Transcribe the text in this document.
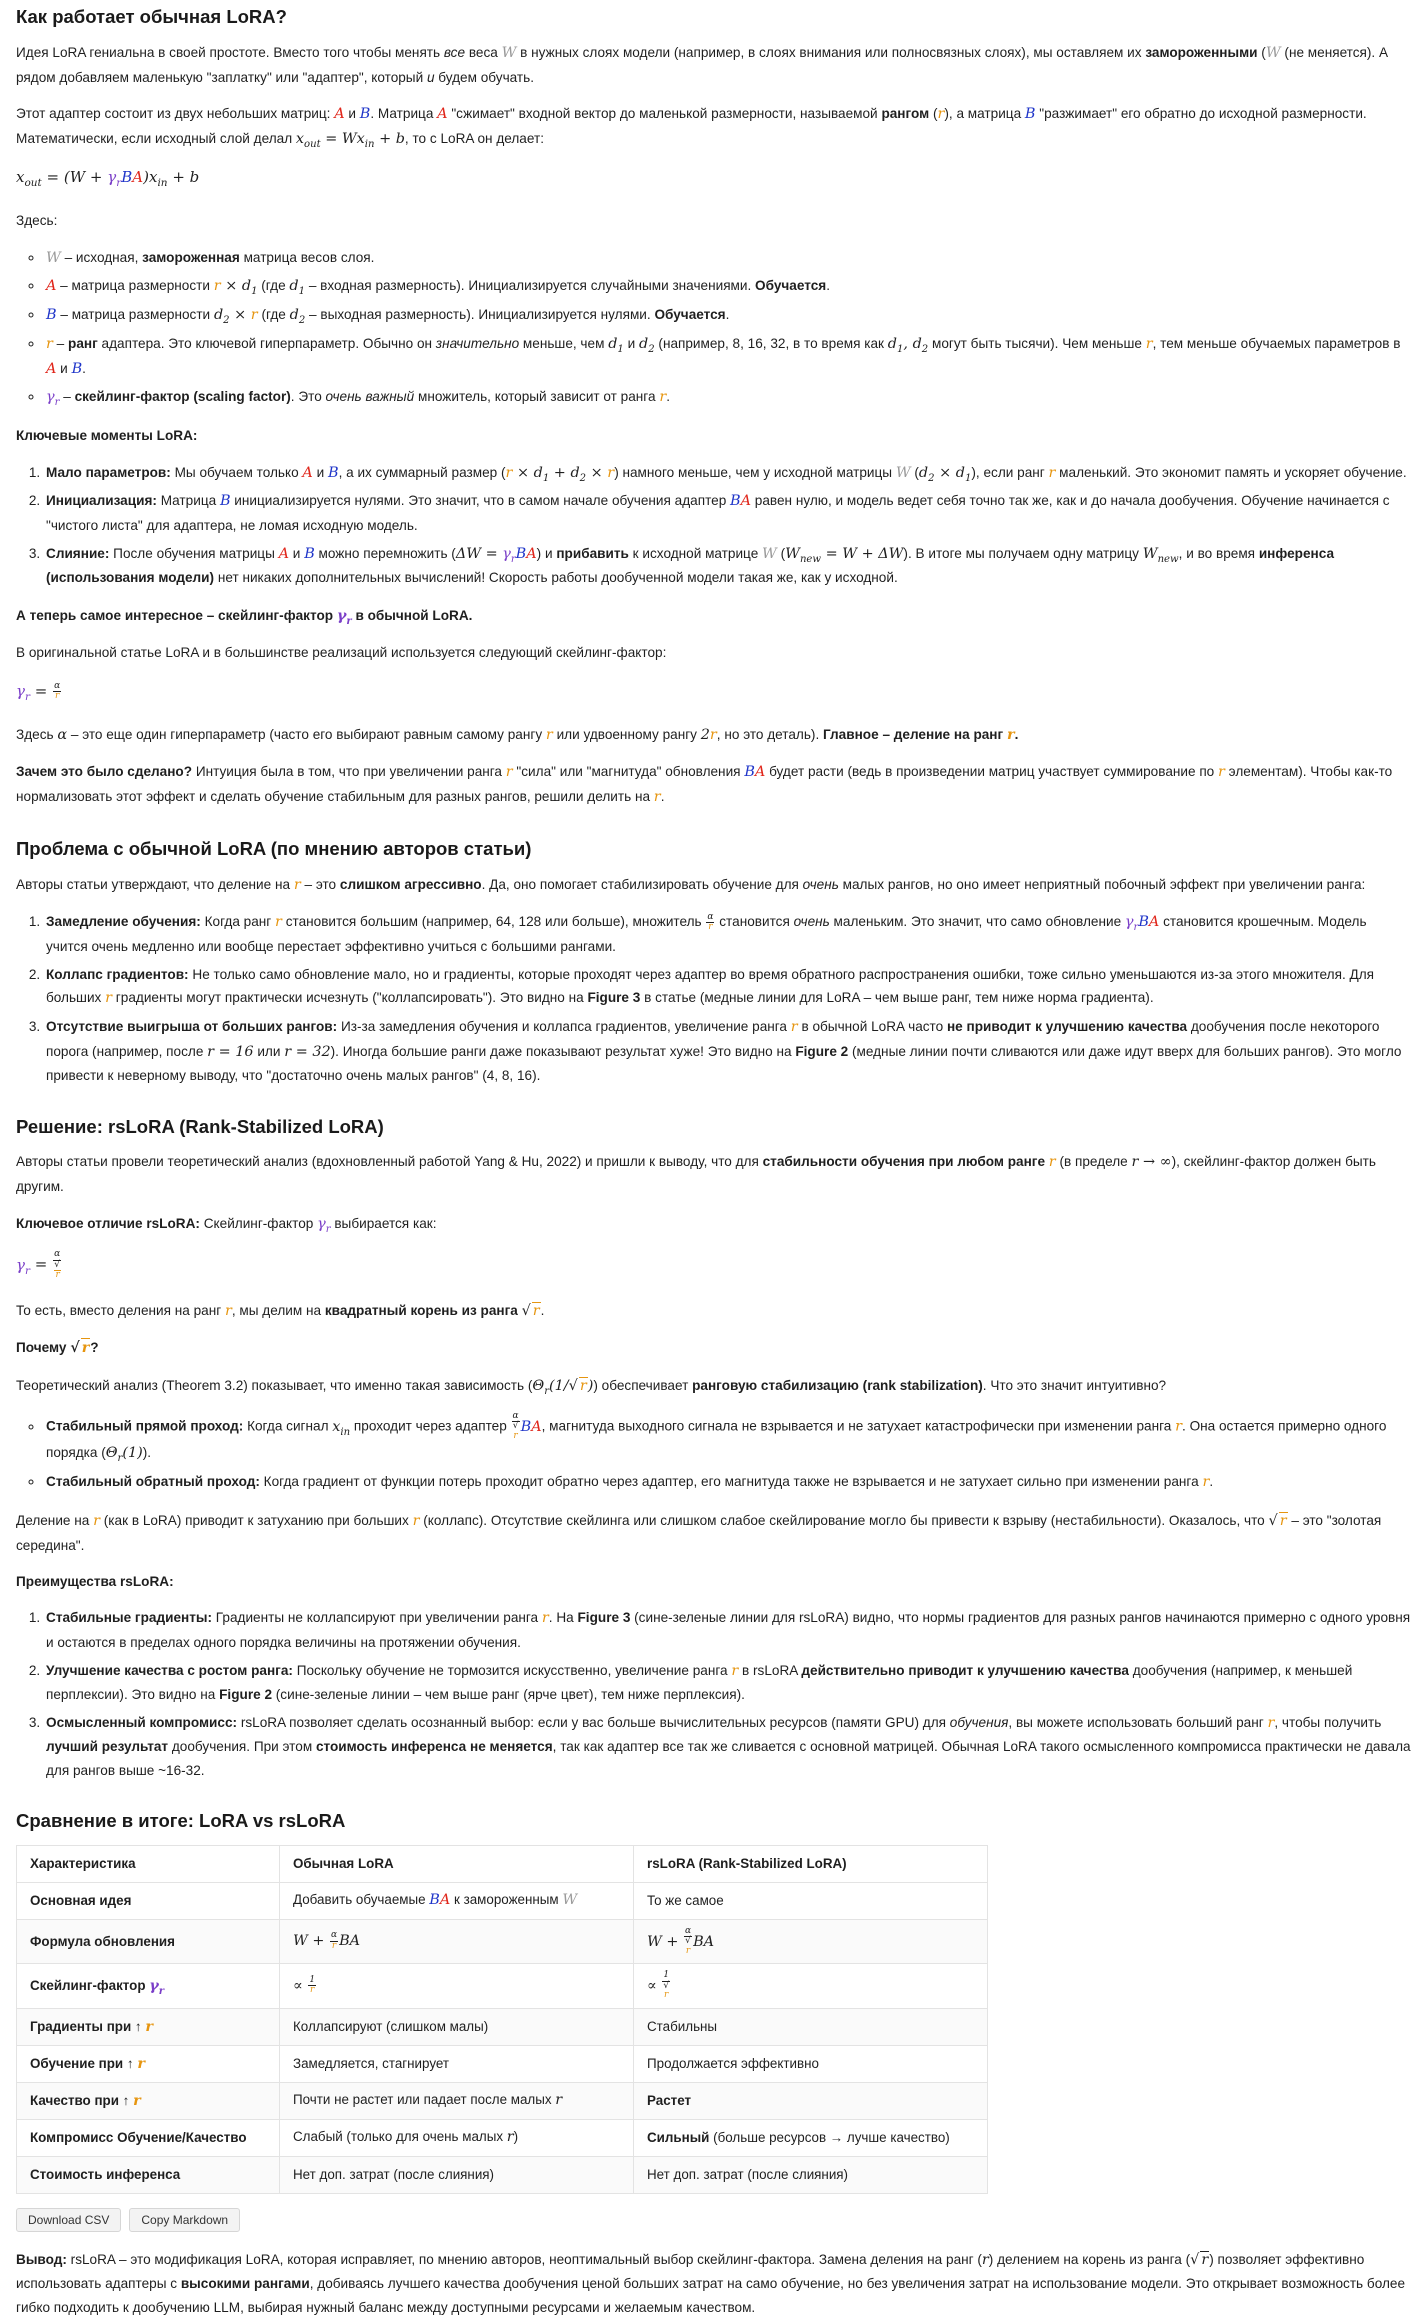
Как работает обычная LoRA?

Идея LoRA гениальна в своей простоте. Вместо того чтобы менять все веса W в нужных слоях модели (например, в слоях внимания или полносвязных слоях), мы оставляем их замороженными (W (не меняется). А рядом добавляем маленькую "заплатку" или "адаптер", который и будем обучать.

Этот адаптер состоит из двух небольших матриц: A и B. Матрица A "сжимает" входной вектор до маленькой размерности, называемой рангом (r), а матрица B "разжимает" его обратно до исходной размерности. Математически, если исходный слой делал $x_{out} = Wx_{in} + b$, то с LoRA он делает:

$x_{out} = (W + \gamma_rBA)x_{in} + b$

Здесь:

◦ W – исходная, замороженная матрица весов слоя.
◦ A – матрица размерности $r \times d_1$ (где $d_1$ – входная размерность). Инициализируется случайными значениями. Обучается.
◦ B – матрица размерности $d_2 \times r$ (где $d_2$ – выходная размерность). Инициализируется нулями. Обучается.
◦ r – ранг адаптера. Это ключевой гиперпараметр. Обычно он значительно меньше, чем $d_1$ и $d_2$ (например, 8, 16, 32, в то время как $d_1$, $d_2$ могут быть тысячи). Чем меньше r, тем меньше обучаемых параметров в A и B.
◦ $\gamma_r$ – скейлинг-фактор (scaling factor). Это очень важный множитель, который зависит от ранга r.

Ключевые моменты LoRA:

1. Мало параметров: Мы обучаем только A и B, а их суммарный размер $(r \times d_1 + d_2 \times r)$ намного меньше, чем у исходной матрицы W $(d_2 \times d_1)$, если ранг r маленький. Это экономит память и ускоряет обучение.
2. Инициализация: Матрица B инициализируется нулями. Это значит, что в самом начале обучения адаптер BA равен нулю, и модель ведет себя точно так же, как и до начала дообучения. Обучение начинается с "чистого листа" для адаптера, не ломая исходную модель.
3. Слияние: После обучения матрицы A и B можно перемножить $(\Delta W = \gamma_rBA)$ и прибавить к исходной матрице W $(W_{new} = W + \Delta W)$. В итоге мы получаем одну матрицу $W_{new}$, и во время инференса (использования модели) нет никаких дополнительных вычислений! Скорость работы дообученной модели такая же, как у исходной.

А теперь самое интересное – скейлинг-фактор $\gamma_r$ в обычной LoRA.

В оригинальной статье LoRA и в большинстве реализаций используется следующий скейлинг-фактор:

$\gamma_r = \frac{\alpha}{r}$

Здесь α – это еще один гиперпараметр (часто его выбирают равным самому рангу r или удвоенному рангу 2r, но это деталь). Главное – деление на ранг r.

Зачем это было сделано? Интуиция была в том, что при увеличении ранга r "сила" или "магнитуда" обновления BA будет расти (ведь в произведении матриц участвует суммирование по r элементам). Чтобы как-то нормализовать этот эффект и сделать обучение стабильным для разных рангов, решили делить на r.

Проблема с обычной LoRA (по мнению авторов статьи)

Авторы статьи утверждают, что деление на r – это слишком агрессивно. Да, оно помогает стабилизировать обучение для очень малых рангов, но оно имеет неприятный побочный эффект при увеличении ранга:

1. Замедление обучения: Когда ранг r становится большим (например, 64, 128 или больше), множитель $\frac{\alpha}{r}$ становится очень маленьким. Это значит, что само обновление $\gamma_rBA$ становится крошечным. Модель учится очень медленно или вообще перестает эффективно учиться с большими рангами.
2. Коллапс градиентов: Не только само обновление мало, но и градиенты, которые проходят через адаптер во время обратного распространения ошибки, тоже сильно уменьшаются из-за этого множителя. Для больших r градиенты могут практически исчезнуть ("коллапсировать"). Это видно на Figure 3 в статье (медные линии для LoRA – чем выше ранг, тем ниже норма градиента).
3. Отсутствие выигрыша от больших рангов: Из-за замедления обучения и коллапса градиентов, увеличение ранга r в обычной LoRA часто не приводит к улучшению качества дообучения после некоторого порога (например, после r = 16 или r = 32). Иногда большие ранги даже показывают результат хуже! Это видно на Figure 2 (медные линии почти сливаются или даже идут вверх для больших рангов). Это могло привести к неверному выводу, что "достаточно очень малых рангов" (4, 8, 16).
Решение: rsLoRA (Rank-Stabilized LoRA)

Авторы статьи провели теоретический анализ (вдохновленный работой Yang & Hu, 2022) и пришли к выводу, что для стабильности обучения при любом ранге r (в пределе r → ∞), скейлинг-фактор должен быть другим.

Ключевое отличие rsLoRA: Скейлинг-фактор $\gamma_r$ выбирается как:

$\gamma_r = \alpha$
√
r

То есть, вместо деления на ранг r, мы делим на квадратный корень из ранга √ r.

Почему √ r?

Теоретический анализ (Theorem 3.2) показывает, что именно такая зависимость ($\Theta_r(1/√$ r)) обеспечивает ранговую стабилизацию (rank stabilization). Что это значит интуитивно?

◦ Стабильный прямой проход: Когда сигнал $x_{in}$ проходит через адаптер α
√
r BA, магнитуда выходного сигнала не взрывается и не затухает катастрофически при изменении ранга r. Она остается примерно одного порядка $(\Theta_r(1))$.
◦ Стабильный обратный проход: Когда градиент от функции потерь проходит обратно через адаптер, его магнитуда также не взрывается и не затухает сильно при изменении ранга r.

Деление на r (как в LoRA) приводит к затуханию при больших r (коллапс). Отсутствие скейлинга или слишком слабое скейлирование могло бы привести к взрыву (нестабильности). Оказалось, что √ r – это "золотая середина".

Преимущества rsLoRA:

1. Стабильные градиенты: Градиенты не коллапсируют при увеличении ранга r. На Figure 3 (сине-зеленые линии для rsLoRA) видно, что нормы градиентов для разных рангов начинаются примерно с одного уровня и остаются в пределах одного порядка величины на протяжении обучения.
2. Улучшение качества с ростом ранга: Поскольку обучение не тормозится искусственно, увеличение ранга r в rsLoRA действительно приводит к улучшению качества дообучения (например, к меньшей перплексии). Это видно на Figure 2 (сине-зеленые линии – чем выше ранг (ярче цвет), тем ниже перплексия).
3. Осмысленный компромисс: rsLoRA позволяет сделать осознанный выбор: если у вас больше вычислительных ресурсов (памяти GPU) для обучения, вы можете использовать больший ранг r, чтобы получить лучший результат дообучения. При этом стоимость инференса не меняется, так как адаптер все так же сливается с основной матрицей. Обычная LoRA такого осмысленного компромисса практически не давала для рангов выше ~16-32.
Сравнение в итоге: LoRA vs rsLoRA
Характеристика	Обычная LoRA	rsLoRA (Rank-Stabilized LoRA)
Основная идея	Добавить обучаемые BA к замороженным W	То же самое
Формула обновления	$W + \frac{\alpha}{r}$ BA	W + α
√
r BA
Скейлинг-фактор $\gamma_r$	∝ $\frac{1}{r}$	∝ 1
√
r

Градиенты при ↑ r	Коллапсируют (слишком малы)	Стабильны
Обучение при ↑ r	Замедляется, стагнирует	Продолжается эффективно
Качество при ↑ r	Почти не растет или падает после малых r	Растет
Компромисс Обучение/Качество	Слабый (только для очень малых r)	Сильный (больше ресурсов → лучше качество)
Стоимость инференса	Нет доп. затрат (после слияния)	Нет доп. затрат (после слияния)
Download CSV	Copy Markdown

Вывод: rsLoRA – это модификация LoRA, которая исправляет, по мнению авторов, неоптимальный выбор скейлинг-фактора. Замена деления на ранг (r) делением на корень из ранга (√ r) позволяет эффективно использовать адаптеры с высокими рангами, добиваясь лучшего качества дообучения ценой больших затрат на само обучение, но без увеличения затрат на использование модели. Это открывает возможность более гибко подходить к дообучению LLM, выбирая нужный баланс между доступными ресурсами и желаемым качеством.
